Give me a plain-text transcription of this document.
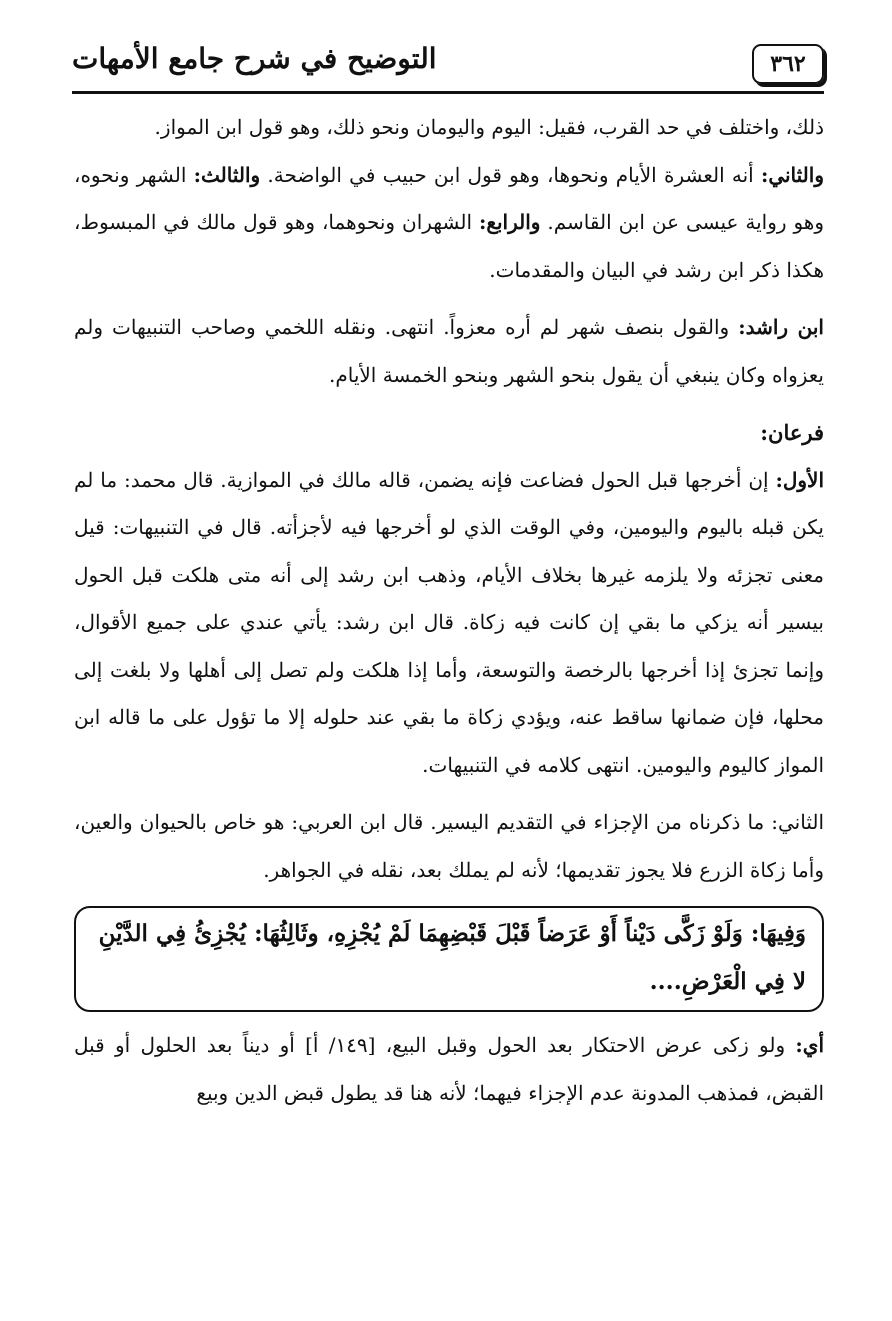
٣٦٢
التوضيح في شرح جامع الأمهات

ذلك، واختلف في حد القرب، فقيل: اليوم واليومان ونحو ذلك، وهو قول ابن المواز.

والثاني: أنه العشرة الأيام ونحوها، وهو قول ابن حبيب في الواضحة. والثالث: الشهر ونحوه، وهو رواية عيسى عن ابن القاسم. والرابع: الشهران ونحوهما، وهو قول مالك في المبسوط، هكذا ذكر ابن رشد في البيان والمقدمات.

ابن راشد: والقول بنصف شهر لم أره معزواً. انتهى. ونقله اللخمي وصاحب التنبيهات ولم يعزواه وكان ينبغي أن يقول بنحو الشهر وبنحو الخمسة الأيام.

فرعان:

الأول: إن أخرجها قبل الحول فضاعت فإنه يضمن، قاله مالك في الموازية. قال محمد: ما لم يكن قبله باليوم واليومين، وفي الوقت الذي لو أخرجها فيه لأجزأته. قال في التنبيهات: قيل معنى تجزئه ولا يلزمه غيرها بخلاف الأيام، وذهب ابن رشد إلى أنه متى هلكت قبل الحول بيسير أنه يزكي ما بقي إن كانت فيه زكاة. قال ابن رشد: يأتي عندي على جميع الأقوال، وإنما تجزئ إذا أخرجها بالرخصة والتوسعة، وأما إذا هلكت ولم تصل إلى أهلها ولا بلغت إلى محلها، فإن ضمانها ساقط عنه، ويؤدي زكاة ما بقي عند حلوله إلا ما تؤول على ما قاله ابن المواز كاليوم واليومين. انتهى كلامه في التنبيهات.

الثاني: ما ذكرناه من الإجزاء في التقديم اليسير. قال ابن العربي: هو خاص بالحيوان والعين، وأما زكاة الزرع فلا يجوز تقديمها؛ لأنه لم يملك بعد، نقله في الجواهر.

وَفِيهَا: وَلَوْ زَكَّى دَيْناً أَوْ عَرَضاً قَبْلَ قَبْضِهِمَا لَمْ يُجْزِهِ، وثَالِثُهَا: يُجْزِئُ فِي الدَّيْنِ لا فِي الْعَرْضِ....

أي: ولو زكى عرض الاحتكار بعد الحول وقبل البيع، [١٤٩/ أ] أو ديناً بعد الحلول أو قبل القبض، فمذهب المدونة عدم الإجزاء فيهما؛ لأنه هنا قد يطول قبض الدين وبيع
